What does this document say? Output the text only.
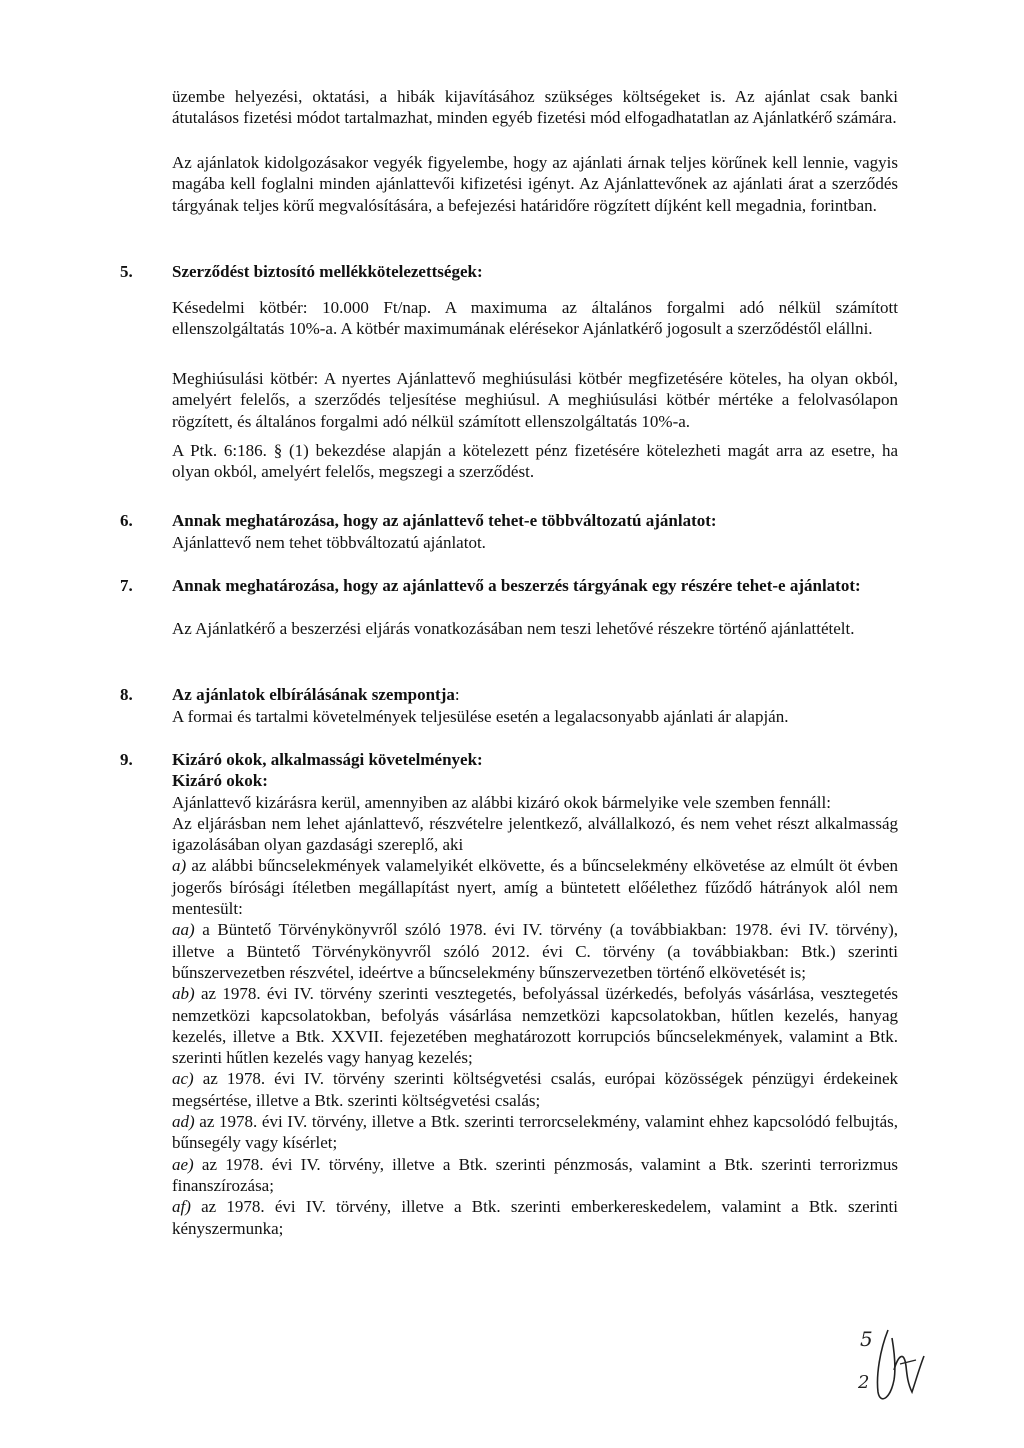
üzembe helyezési, oktatási, a hibák kijavításához szükséges költségeket is. Az ajánlat csak banki átutalásos fizetési módot tartalmazhat, minden egyéb fizetési mód elfogadhatatlan az Ajánlatkérő számára.

Az ajánlatok kidolgozásakor vegyék figyelembe, hogy az ajánlati árnak teljes körűnek kell lennie, vagyis magába kell foglalni minden ajánlattevői kifizetési igényt. Az Ajánlattevőnek az ajánlati árat a szerződés tárgyának teljes körű megvalósítására, a befejezési határidőre rögzített díjként kell megadnia, forintban.

5. Szerződést biztosító mellékkötelezettségek:

Késedelmi kötbér: 10.000 Ft/nap. A maximuma az általános forgalmi adó nélkül számított ellenszolgáltatás 10%-a. A kötbér maximumának elérésekor Ajánlatkérő jogosult a szerződéstől elállni.

Meghiúsulási kötbér: A nyertes Ajánlattevő meghiúsulási kötbér megfizetésére köteles, ha olyan okból, amelyért felelős, a szerződés teljesítése meghiúsul. A meghiúsulási kötbér mértéke a felolvasólapon rögzített, és általános forgalmi adó nélkül számított ellenszolgáltatás 10%-a.

A Ptk. 6:186. § (1) bekezdése alapján a kötelezett pénz fizetésére kötelezheti magát arra az esetre, ha olyan okból, amelyért felelős, megszegi a szerződést.

6. Annak meghatározása, hogy az ajánlattevő tehet-e többváltozatú ajánlatot:

Ajánlattevő nem tehet többváltozatú ajánlatot.

7. Annak meghatározása, hogy az ajánlattevő a beszerzés tárgyának egy részére tehet-e ajánlatot:

Az Ajánlatkérő a beszerzési eljárás vonatkozásában nem teszi lehetővé részekre történő ajánlattételt.

8. Az ajánlatok elbírálásának szempontja:

A formai és tartalmi követelmények teljesülése esetén a legalacsonyabb ajánlati ár alapján.

9. Kizáró okok, alkalmassági követelmények:

Kizáró okok:

Ajánlattevő kizárásra kerül, amennyiben az alábbi kizáró okok bármelyike vele szemben fennáll:

Az eljárásban nem lehet ajánlattevő, részvételre jelentkező, alvállalkozó, és nem vehet részt alkalmasság igazolásában olyan gazdasági szereplő, aki

a) az alábbi bűncselekmények valamelyikét elkövette, és a bűncselekmény elkövetése az elmúlt öt évben jogerős bírósági ítéletben megállapítást nyert, amíg a büntetett előélethez fűződő hátrányok alól nem mentesült:

aa) a Büntető Törvénykönyvről szóló 1978. évi IV. törvény (a továbbiakban: 1978. évi IV. törvény), illetve a Büntető Törvénykönyvről szóló 2012. évi C. törvény (a továbbiakban: Btk.) szerinti bűnszervezetben részvétel, ideértve a bűncselekmény bűnszervezetben történő elkövetését is;

ab) az 1978. évi IV. törvény szerinti vesztegetés, befolyással üzérkedés, befolyás vásárlása, vesztegetés nemzetközi kapcsolatokban, befolyás vásárlása nemzetközi kapcsolatokban, hűtlen kezelés, hanyag kezelés, illetve a Btk. XXVII. fejezetében meghatározott korrupciós bűncselekmények, valamint a Btk. szerinti hűtlen kezelés vagy hanyag kezelés;

ac) az 1978. évi IV. törvény szerinti költségvetési csalás, európai közösségek pénzügyi érdekeinek megsértése, illetve a Btk. szerinti költségvetési csalás;

ad) az 1978. évi IV. törvény, illetve a Btk. szerinti terrorcselekmény, valamint ehhez kapcsolódó felbujtás, bűnsegély vagy kísérlet;

ae) az 1978. évi IV. törvény, illetve a Btk. szerinti pénzmosás, valamint a Btk. szerinti terrorizmus finanszírozása;

af) az 1978. évi IV. törvény, illetve a Btk. szerinti emberkereskedelem, valamint a Btk. szerinti kényszermunka;

5
2
